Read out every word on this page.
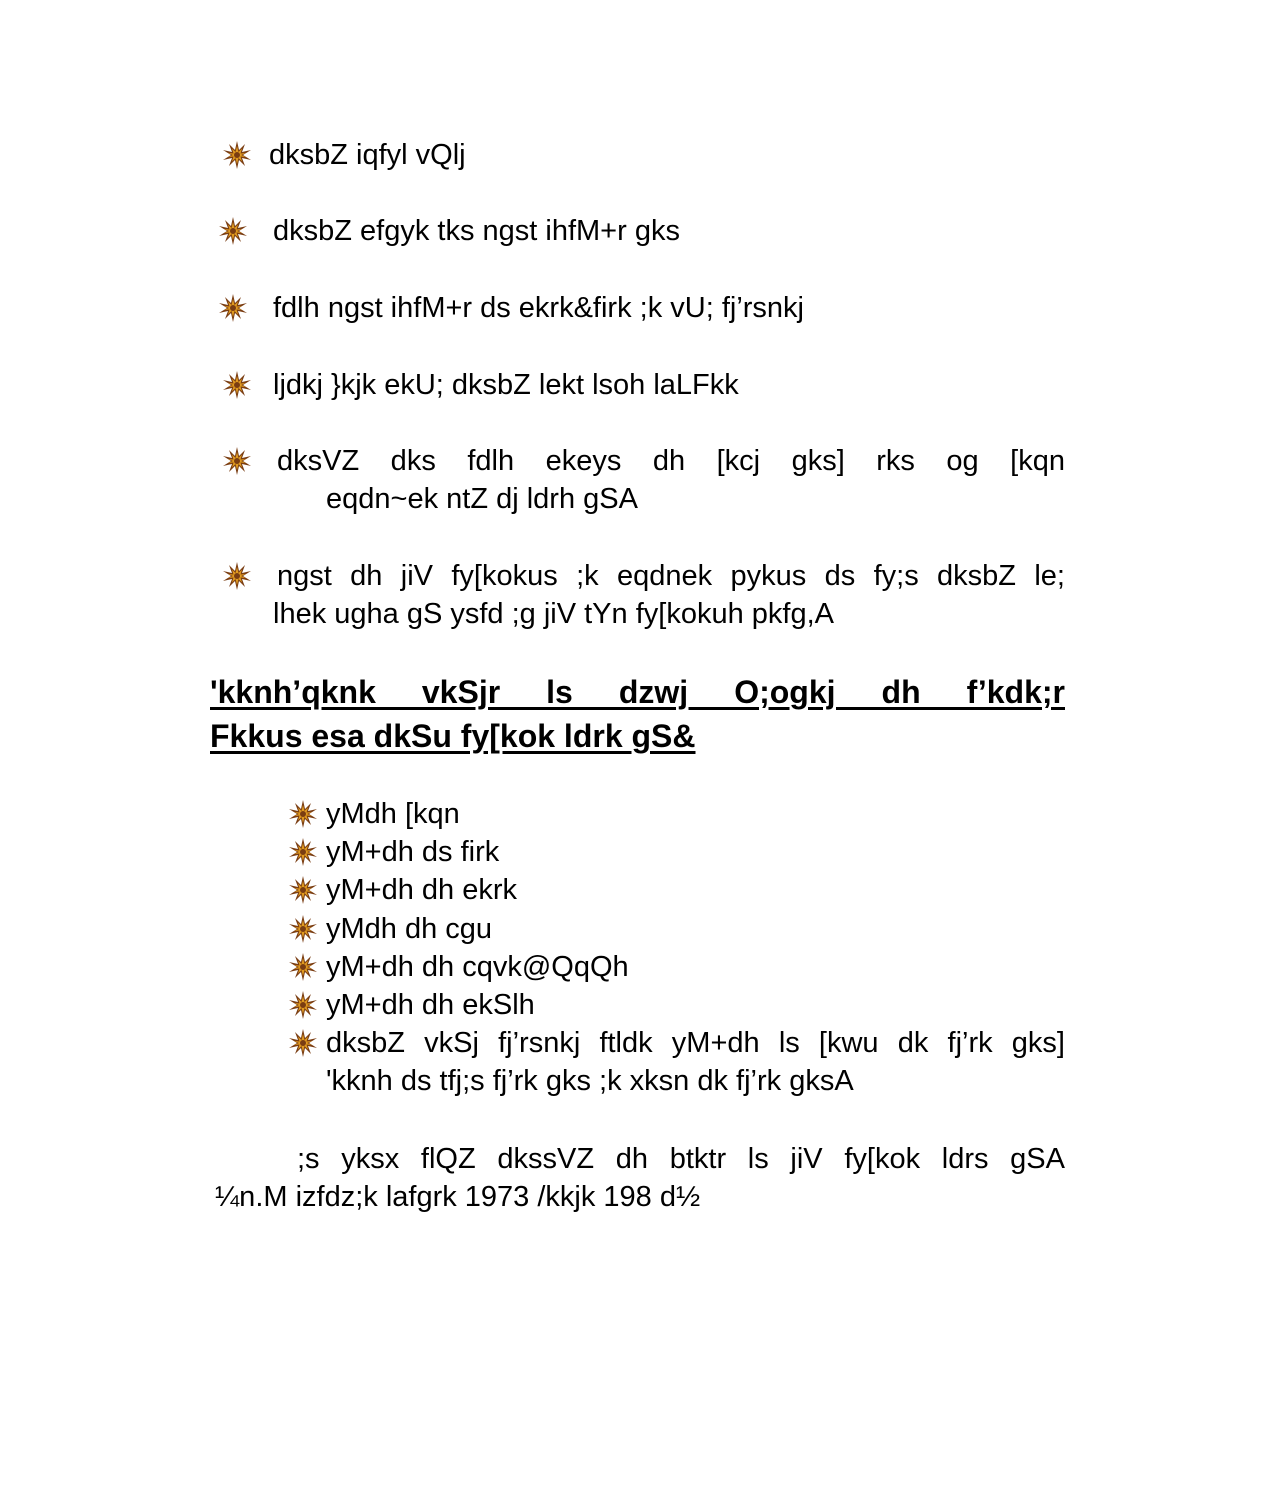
dksbZ iqfyl vQlj
dksbZ efgyk tks ngst ihfM+r gks
fdlh ngst ihfM+r ds ekrk&firk ;k vU; fj’rsnkj
ljdkj }kjk ekU; dksbZ lekt lsoh laLFkk
dksVZ dks fdlh ekeys dh [kcj gks] rks og [kqn
eqdn~ek ntZ dj ldrh gSA
ngst dh jiV fy[kokus ;k eqdnek pykus ds fy;s dksbZ le;
lhek ugha gS ysfd ;g jiV tYn fy[kokuh pkfg,A
'kknh’qknk vkSjr ls dzwj O;ogkj dh f’kdk;r
Fkkus esa dkSu fy[kok ldrk gS&
yMdh [kqn
yM+dh ds firk
yM+dh dh ekrk
yMdh dh cgu
yM+dh dh cqvk@QqQh
yM+dh dh ekSlh
dksbZ vkSj fj’rsnkj ftldk yM+dh ls [kwu dk fj’rk gks]
'kknh ds tfj;s fj’rk gks ;k xksn dk fj’rk gksA
;s yksx flQZ dkssVZ dh btktr ls jiV fy[kok ldrs gSA
¼n.M izfdz;k lafgrk 1973 /kkjk 198 d½
